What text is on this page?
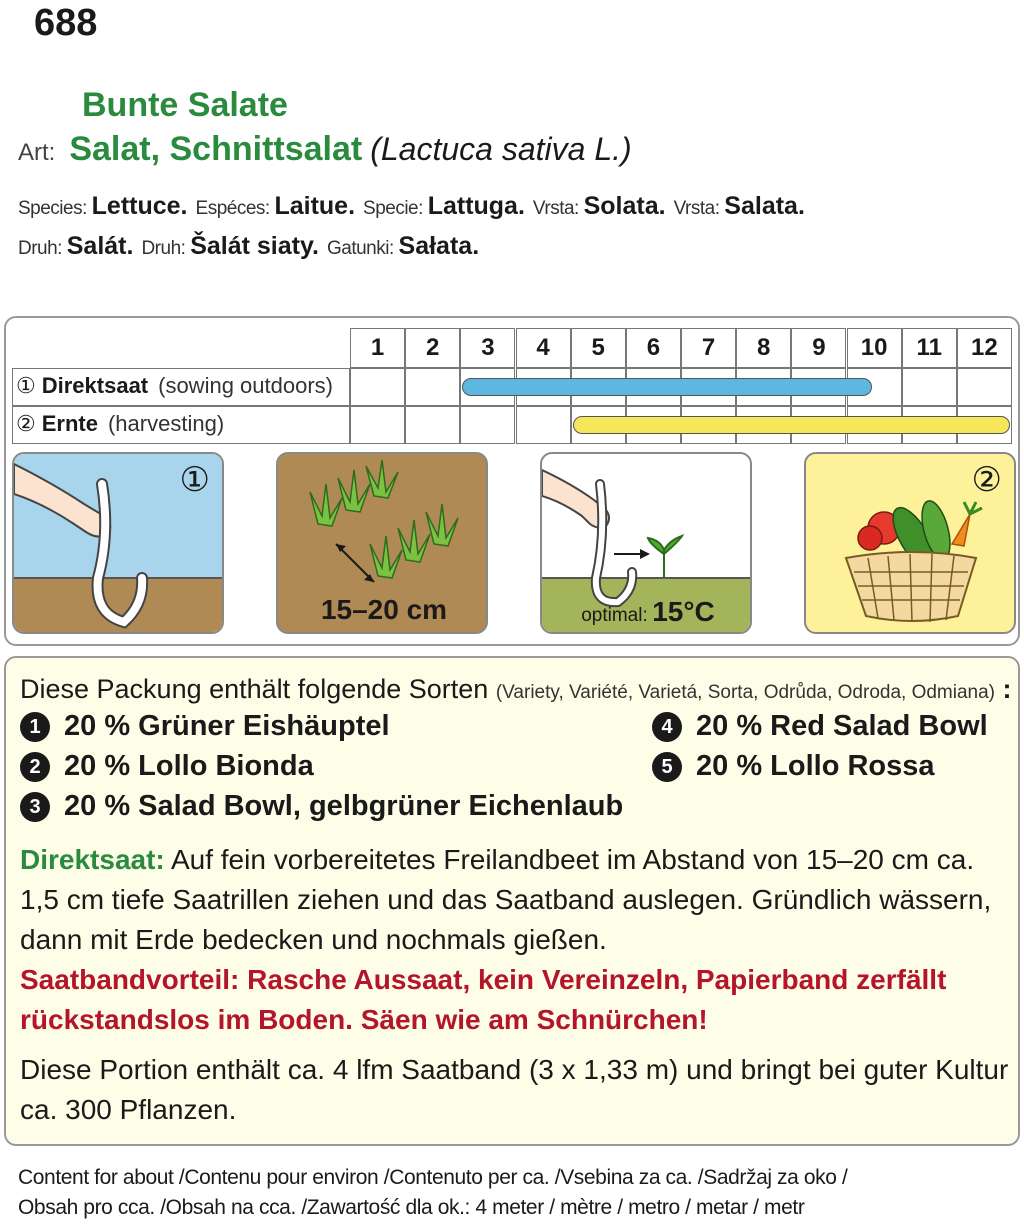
688
Bunte Salate
Art: Salat, Schnittsalat (Lactuca sativa L.)
Species: Lettuce. Espéces: Laitue. Specie: Lattuga. Vrsta: Solata. Vrsta: Salata.
Druh: Salát. Druh: Šalát siaty. Gatunki: Sałata.
1	2	3	4	5	6	7	8	9	10	11	12
① Direktsaat (sowing outdoors)
② Ernte (harvesting)
①
15–20 cm	optimal: 15°C
②
Diese Packung enthält folgende Sorten (Variety, Variété, Varietá, Sorta, Odrůda, Odroda, Odmiana) :
1 20 % Grüner Eishäuptel
2 20 % Lollo Bionda
3 20 % Salad Bowl, gelbgrüner Eichenlaub
4 20 % Red Salad Bowl
5 20 % Lollo Rossa
Direktsaat: Auf fein vorbereitetes Freilandbeet im Abstand von 15–20 cm ca. 1,5 cm tiefe Saatrillen ziehen und das Saatband auslegen. Gründlich wässern, dann mit Erde bedecken und nochmals gießen.
Saatbandvorteil: Rasche Aussaat, kein Vereinzeln, Papierband zerfällt rückstandslos im Boden. Säen wie am Schnürchen!
Diese Portion enthält ca. 4 lfm Saatband (3 x 1,33 m) und bringt bei guter Kultur ca. 300 Pflanzen.
Content for about /Contenu pour environ /Contenuto per ca. /Vsebina za ca. /Sadržaj za oko /
Obsah pro cca. /Obsah na cca. /Zawartość dla ok.: 4 meter / mètre / metro / metar / metr
